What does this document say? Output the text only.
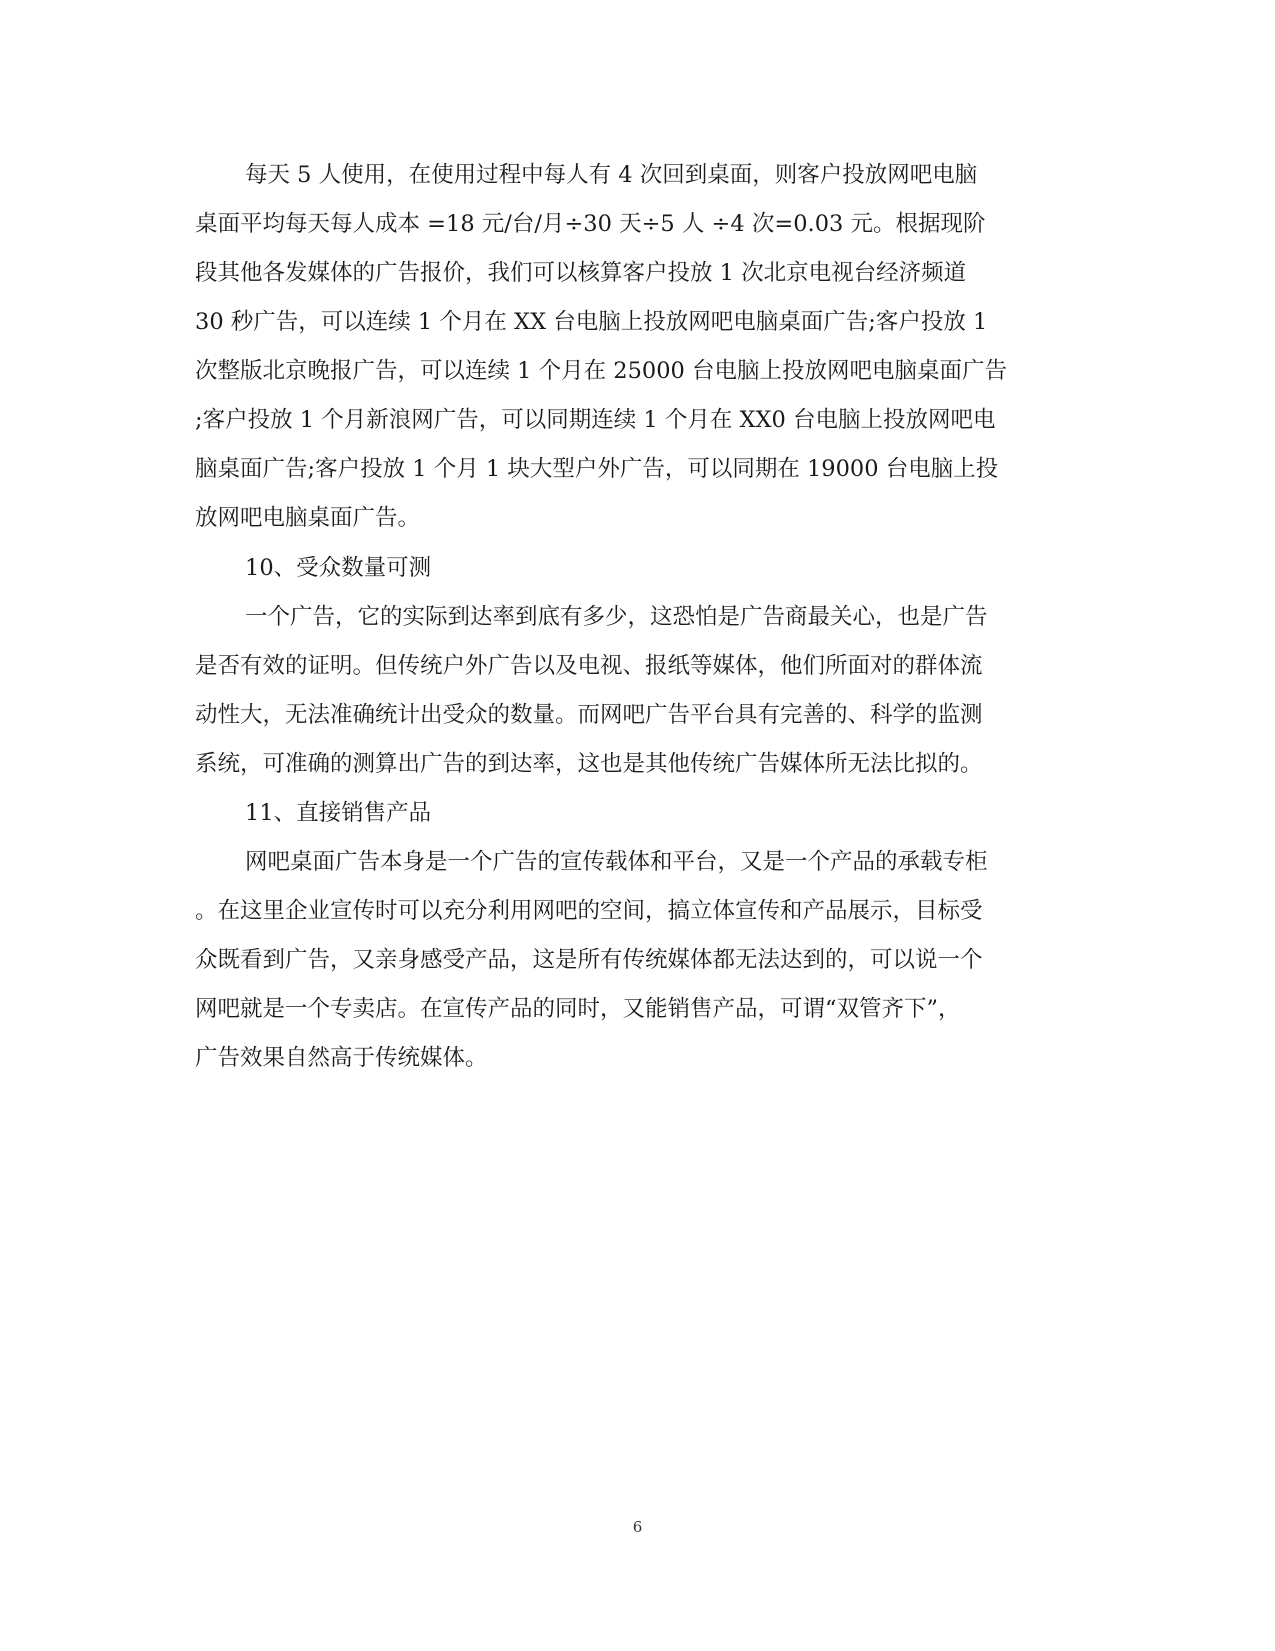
每天 5 人使用，在使用过程中每人有 4 次回到桌面，则客户投放网吧电脑
桌面平均每天每人成本 =18 元/台/月÷30 天÷5 人 ÷4 次=0.03 元。根据现阶
段其他各发媒体的广告报价，我们可以核算客户投放 1 次北京电视台经济频道
30 秒广告，可以连续 1 个月在 XX 台电脑上投放网吧电脑桌面广告;客户投放 1
次整版北京晚报广告，可以连续 1 个月在 25000 台电脑上投放网吧电脑桌面广告
;客户投放 1 个月新浪网广告，可以同期连续 1 个月在 XX0 台电脑上投放网吧电
脑桌面广告;客户投放 1 个月 1 块大型户外广告，可以同期在 19000 台电脑上投
放网吧电脑桌面广告。
10、受众数量可测
一个广告，它的实际到达率到底有多少，这恐怕是广告商最关心，也是广告
是否有效的证明。但传统户外广告以及电视、报纸等媒体，他们所面对的群体流
动性大，无法准确统计出受众的数量。而网吧广告平台具有完善的、科学的监测
系统，可准确的测算出广告的到达率，这也是其他传统广告媒体所无法比拟的。
11、直接销售产品
网吧桌面广告本身是一个广告的宣传载体和平台，又是一个产品的承载专柜
。在这里企业宣传时可以充分利用网吧的空间，搞立体宣传和产品展示，目标受
众既看到广告，又亲身感受产品，这是所有传统媒体都无法达到的，可以说一个
网吧就是一个专卖店。在宣传产品的同时，又能销售产品，可谓“双管齐下”，
广告效果自然高于传统媒体。
6
